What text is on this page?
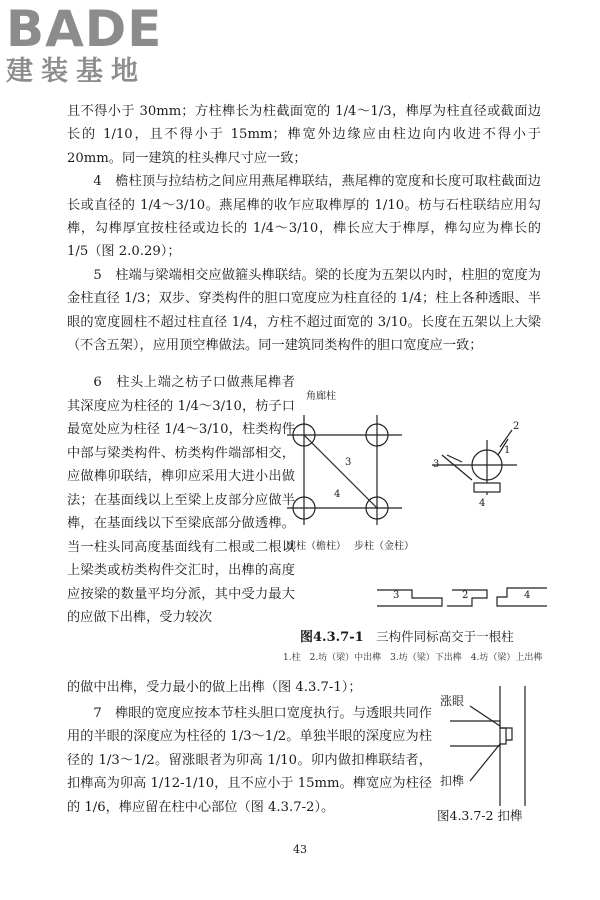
BADE
建装基地

且不得小于 30mm；方柱榫长为柱截面宽的 1/4～1/3，榫厚为柱直径或截面边长的 1/10，且不得小于 15mm；榫宽外边缘应由柱边向内收进不得小于 20mm。同一建筑的柱头榫尺寸应一致；

4　檐柱顶与拉结枋之间应用燕尾榫联结，燕尾榫的宽度和长度可取柱截面边长或直径的 1/4～3/10。燕尾榫的收乍应取榫厚的 1/10。枋与石柱联结应用勾榫，勾榫厚宜按柱径或边长的 1/4～3/10，榫长应大于榫厚，榫勾应为榫长的 1/5（图 2.0.29）；

5　柱端与梁端相交应做箍头榫联结。梁的长度为五架以内时，柱胆的宽度为金柱直径 1/3；双步、穿类构件的胆口宽度应为柱直径的 1/4；柱上各种透眼、半眼的宽度圆柱不超过柱直径 1/4，方柱不超过面宽的 3/10。长度在五架以上大梁（不含五架），应用顶空榫做法。同一建筑同类构件的胆口宽度应一致；

6　柱头上端之枋子口做燕尾榫者其深度应为柱径的 1/4～3/10，枋子口最宽处应为柱径 1/4～3/10，柱类构件中部与梁类构件、枋类构件端部相交，应做榫卯联结，榫卯应采用大进小出做法；在基面线以上至梁上皮部分应做半榫，在基面线以下至梁底部分做透榫。当一柱头同高度基面线有二根或二根以上梁类或枋类构件交汇时，出榫的高度应按梁的数量平均分派，其中受力最大的应做下出榫，受力较次

的做中出榫，受力最小的做上出榫（图 4.3.7-1）；

7　榫眼的宽度应按本节柱头胆口宽度执行。与透眼共同作用的半眼的深度应为柱径的 1/3～1/2。单独半眼的深度应为柱径的 1/3～1/2。留涨眼者为卯高 1/10。卯内做扣榫联结者，扣榫高为卯高 1/12-1/10，且不应小于 15mm。榫宽应为柱径的 1/6，榫应留在柱中心部位（图 4.3.7-2）。

角廊柱
3
4
3
2
1
4
廊柱（檐柱） 步柱（金柱）
3	2	4
图4.3.7-1 三构件同标高交于一根柱
1.柱　2.坊（梁）中出榫　3.坊（梁）下出榫　4.坊（梁）上出榫
涨眼
扣榫
图4.3.7-2 扣榫
43
